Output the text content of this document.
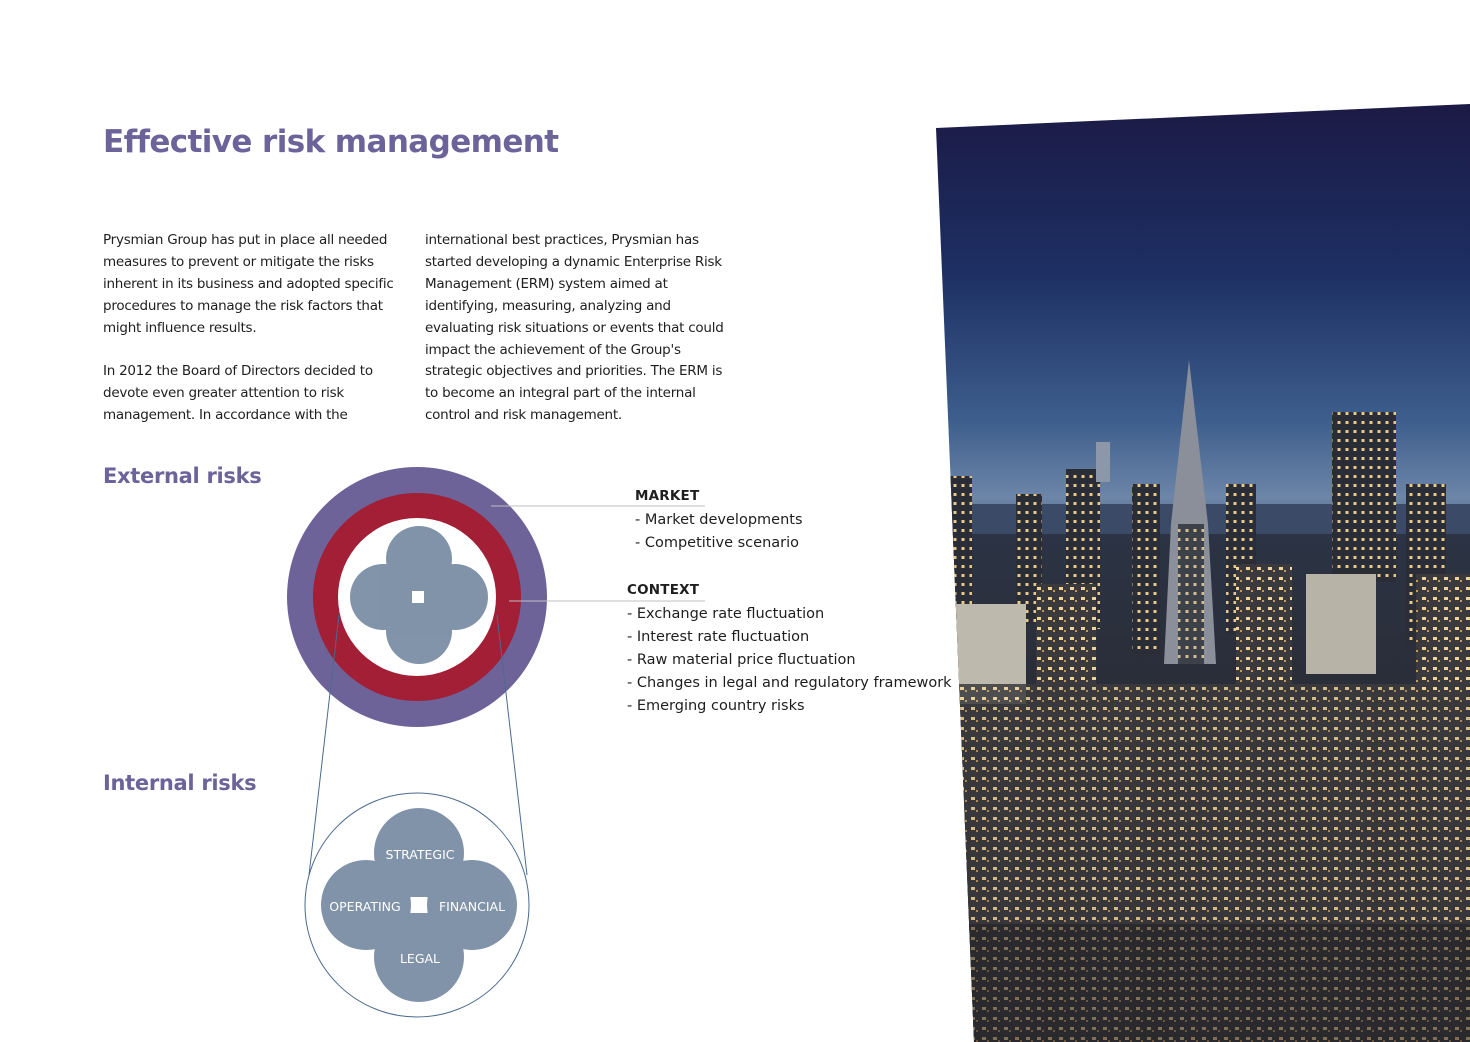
Effective risk management

Prysmian Group has put in place all needed measures to prevent or mitigate the risks inherent in its business and adopted specific procedures to manage the risk factors that might influence results.

In 2012 the Board of Directors decided to devote even greater attention to risk management. In accordance with the

international best practices, Prysmian has started developing a dynamic Enterprise Risk Management (ERM) system aimed at identifying, measuring, analyzing and evaluating risk situations or events that could impact the achievement of the Group's strategic objectives and priorities. The ERM is to become an integral part of the internal control and risk management.

External risks
Internal risks
STRATEGIC
OPERATING	FINANCIAL
LEGAL
MARKET
- Market developments
- Competitive scenario
CONTEXT
- Exchange rate fluctuation
- Interest rate fluctuation
- Raw material price fluctuation
- Changes in legal and regulatory framework
- Emerging country risks
